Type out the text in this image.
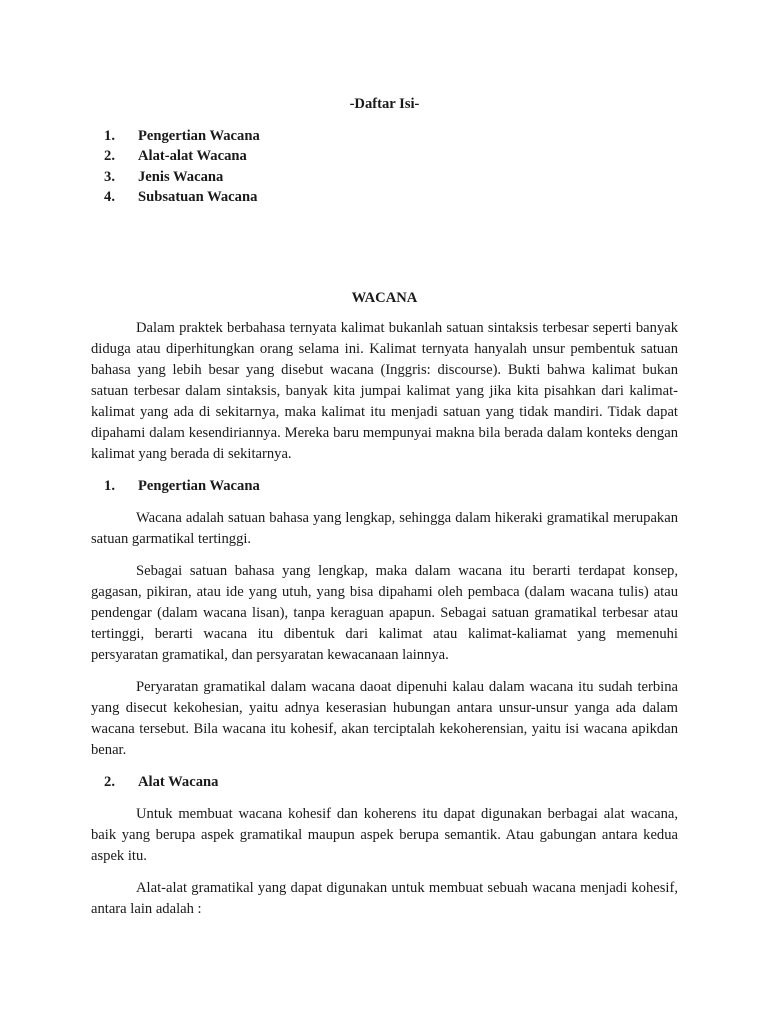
-Daftar Isi-
1. Pengertian Wacana
2. Alat-alat Wacana
3. Jenis Wacana
4. Subsatuan Wacana
WACANA

Dalam praktek berbahasa ternyata kalimat bukanlah satuan sintaksis terbesar seperti banyak diduga atau diperhitungkan orang selama ini. Kalimat ternyata hanyalah unsur pembentuk satuan bahasa yang lebih besar yang disebut wacana (Inggris: discourse). Bukti bahwa kalimat bukan satuan terbesar dalam sintaksis, banyak kita jumpai kalimat yang jika kita pisahkan dari kalimat-kalimat yang ada di sekitarnya, maka kalimat itu menjadi satuan yang tidak mandiri. Tidak dapat dipahami dalam kesendiriannya. Mereka baru mempunyai makna bila berada dalam konteks dengan kalimat yang berada di sekitarnya.

1. Pengertian Wacana

Wacana adalah satuan bahasa yang lengkap, sehingga dalam hikeraki gramatikal merupakan satuan garmatikal tertinggi.

Sebagai satuan bahasa yang lengkap, maka dalam wacana itu berarti terdapat konsep, gagasan, pikiran, atau ide yang utuh, yang bisa dipahami oleh pembaca (dalam wacana tulis) atau pendengar (dalam wacana lisan), tanpa keraguan apapun. Sebagai satuan gramatikal terbesar atau tertinggi, berarti wacana itu dibentuk dari kalimat atau kalimat-kaliamat yang memenuhi persyaratan gramatikal, dan persyaratan kewacanaan lainnya.

Peryaratan gramatikal dalam wacana daoat dipenuhi kalau dalam wacana itu sudah terbina yang disecut kekohesian, yaitu adnya keserasian hubungan antara unsur-unsur yanga ada dalam wacana tersebut. Bila wacana itu kohesif, akan terciptalah kekoherensian, yaitu isi wacana apikdan benar.

2. Alat Wacana

Untuk membuat wacana kohesif dan koherens itu dapat digunakan berbagai alat wacana, baik yang berupa aspek gramatikal maupun aspek berupa semantik. Atau gabungan antara kedua aspek itu.

Alat-alat gramatikal yang dapat digunakan untuk membuat sebuah wacana menjadi kohesif, antara lain adalah :
